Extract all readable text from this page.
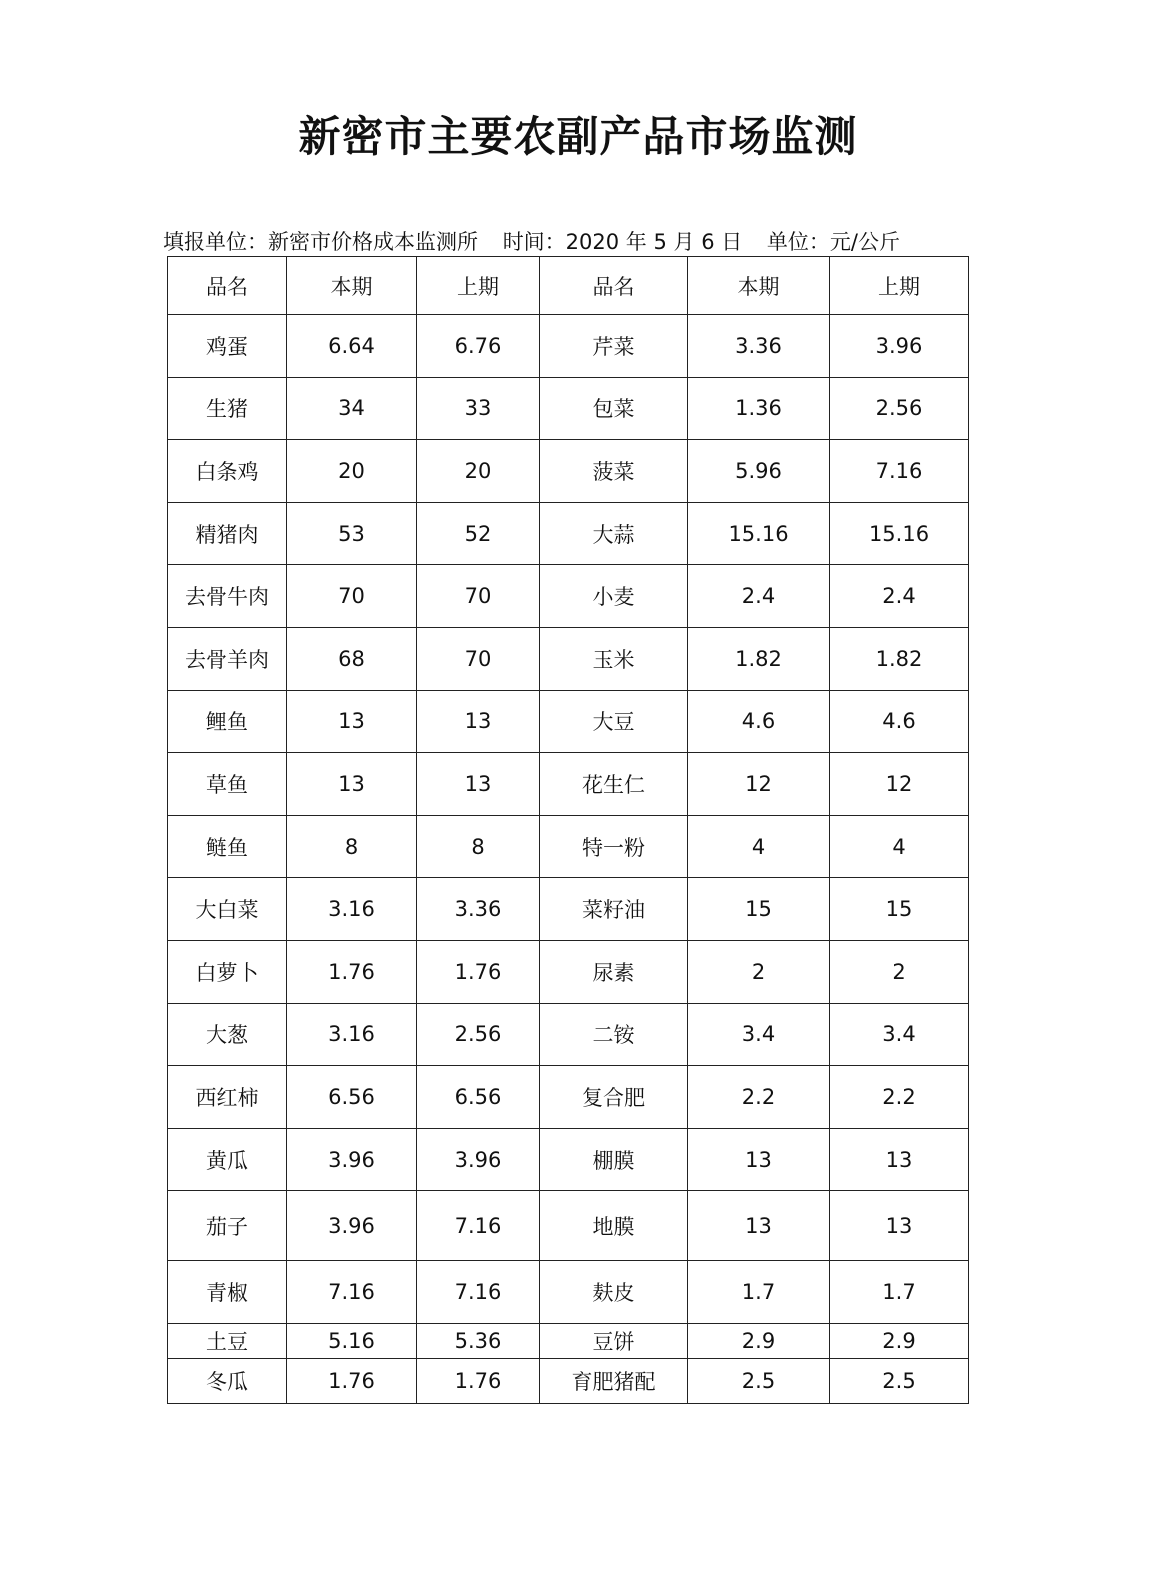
新密市主要农副产品市场监测
填报单位：新密市价格成本监测所 时间：2020 年 5 月 6 日 单位：元/公斤
品名	本期	上期	品名	本期	上期
鸡蛋	6.64	6.76	芹菜	3.36	3.96
生猪	34	33	包菜	1.36	2.56
白条鸡	20	20	菠菜	5.96	7.16
精猪肉	53	52	大蒜	15.16	15.16
去骨牛肉	70	70	小麦	2.4	2.4
去骨羊肉	68	70	玉米	1.82	1.82
鲤鱼	13	13	大豆	4.6	4.6
草鱼	13	13	花生仁	12	12
鲢鱼	8	8	特一粉	4	4
大白菜	3.16	3.36	菜籽油	15	15
白萝卜	1.76	1.76	尿素	2	2
大葱	3.16	2.56	二铵	3.4	3.4
西红柿	6.56	6.56	复合肥	2.2	2.2
黄瓜	3.96	3.96	棚膜	13	13
茄子	3.96	7.16	地膜	13	13
青椒	7.16	7.16	麸皮	1.7	1.7
土豆	5.16	5.36	豆饼	2.9	2.9
冬瓜	1.76	1.76	育肥猪配	2.5	2.5
